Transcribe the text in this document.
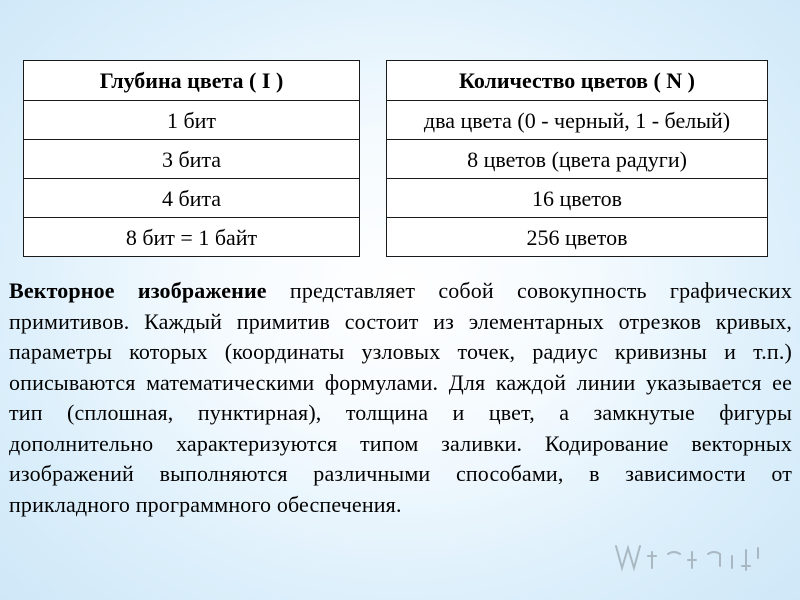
Глубина цвета ( I )
1 бит
3 бита
4 бита
8 бит = 1 байт
Количество цветов ( N )
два цвета (0 - черный, 1 - белый)
8 цветов (цвета радуги)
16 цветов
256 цветов
Векторное изображение представляет собой совокупность графических примитивов. Каждый примитив состоит из элементарных отрезков кривых, параметры которых (координаты узловых точек, радиус кривизны и т.п.) описываются математическими формулами. Для каждой линии указывается ее тип (сплошная, пунктирная), толщина и цвет, а замкнутые фигуры дополнительно характеризуются типом заливки. Кодирование векторных изображений выполняются различными способами, в зависимости от прикладного программного обеспечения.
